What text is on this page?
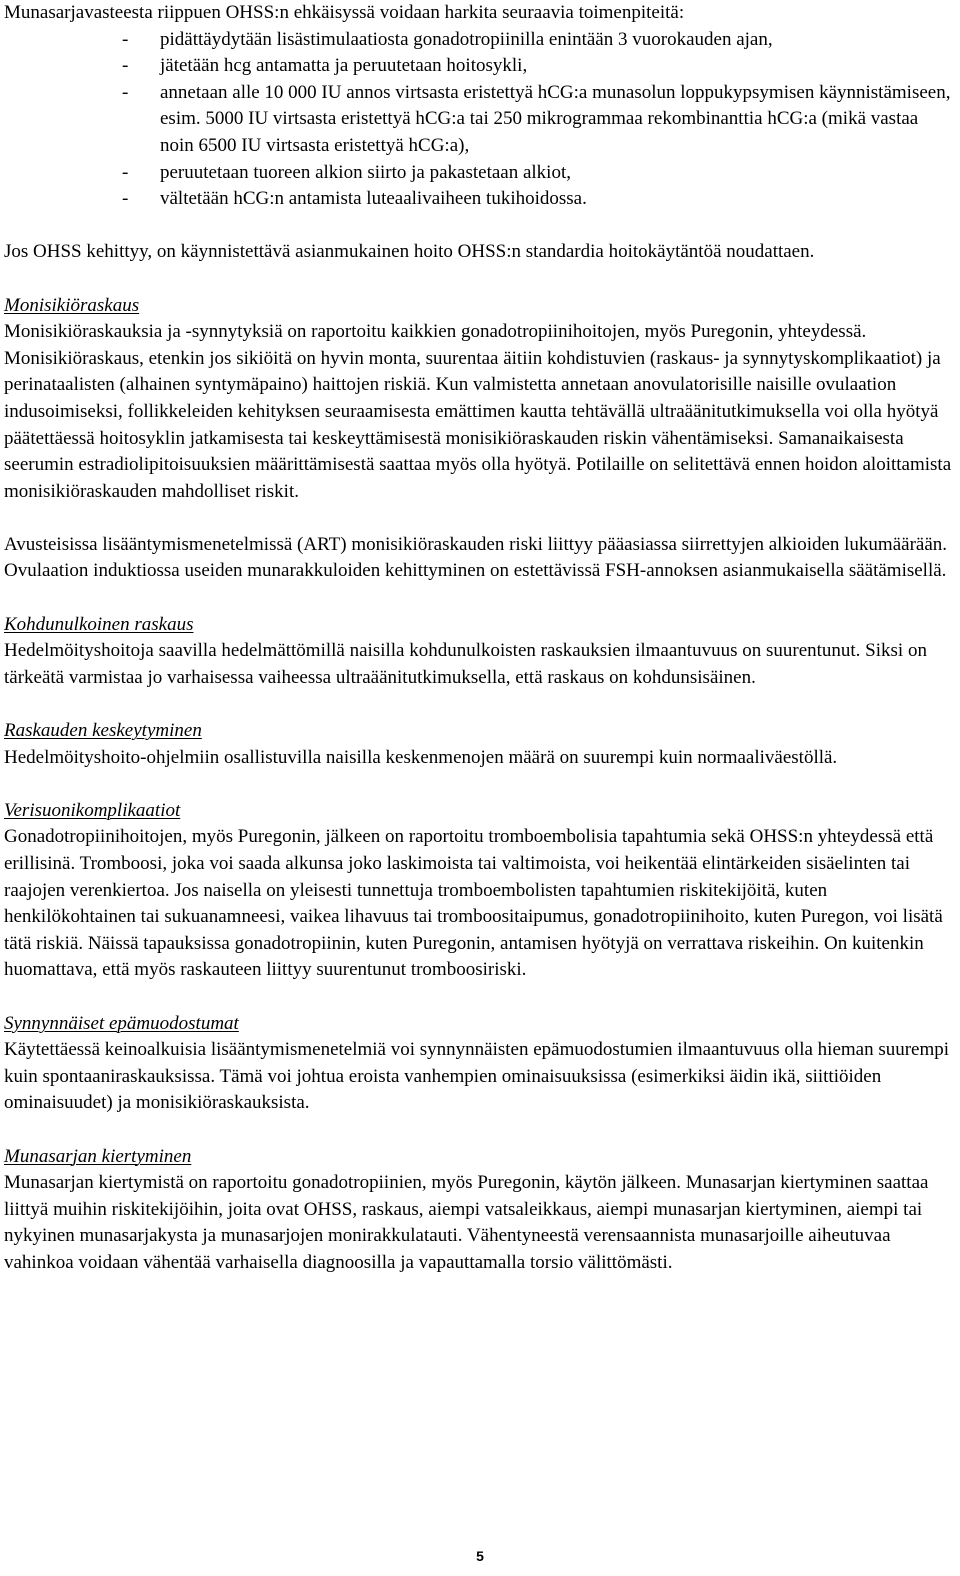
Munasarjavasteesta riippuen OHSS:n ehkäisyssä voidaan harkita seuraavia toimenpiteitä:

- pidättäydytään lisästimulaatiosta gonadotropiinilla enintään 3 vuorokauden ajan,
- jätetään hcg antamatta ja peruutetaan hoitosykli,
- annetaan alle 10 000 IU annos virtsasta eristettyä hCG:a munasolun loppukypsymisen käynnistämiseen, esim. 5000 IU virtsasta eristettyä hCG:a tai 250 mikrogrammaa rekombinanttia hCG:a (mikä vastaa noin 6500 IU virtsasta eristettyä hCG:a),
- peruutetaan tuoreen alkion siirto ja pakastetaan alkiot,
- vältetään hCG:n antamista luteaalivaiheen tukihoidossa.

Jos OHSS kehittyy, on käynnistettävä asianmukainen hoito OHSS:n standardia hoitokäytäntöä noudattaen.

Monisikiöraskaus

Monisikiöraskauksia ja -synnytyksiä on raportoitu kaikkien gonadotropiinihoitojen, myös Puregonin, yhteydessä. Monisikiöraskaus, etenkin jos sikiöitä on hyvin monta, suurentaa äitiin kohdistuvien (raskaus- ja synnytyskomplikaatiot) ja perinataalisten (alhainen syntymäpaino) haittojen riskiä. Kun valmistetta annetaan anovulatorisille naisille ovulaation indusoimiseksi, follikkeleiden kehityksen seuraamisesta emättimen kautta tehtävällä ultraäänitutkimuksella voi olla hyötyä päätettäessä hoitosyklin jatkamisesta tai keskeyttämisestä monisikiöraskauden riskin vähentämiseksi. Samanaikaisesta seerumin estradiolipitoisuuksien määrittämisestä saattaa myös olla hyötyä. Potilaille on selitettävä ennen hoidon aloittamista monisikiöraskauden mahdolliset riskit.

Avusteisissa lisääntymismenetelmissä (ART) monisikiöraskauden riski liittyy pääasiassa siirrettyjen alkioiden lukumäärään. Ovulaation induktiossa useiden munarakkuloiden kehittyminen on estettävissä FSH-annoksen asianmukaisella säätämisellä.

Kohdunulkoinen raskaus

Hedelmöityshoitoja saavilla hedelmättömillä naisilla kohdunulkoisten raskauksien ilmaantuvuus on suurentunut. Siksi on tärkeätä varmistaa jo varhaisessa vaiheessa ultraäänitutkimuksella, että raskaus on kohdunsisäinen.

Raskauden keskeytyminen

Hedelmöityshoito-ohjelmiin osallistuvilla naisilla keskenmenojen määrä on suurempi kuin normaaliväestöllä.

Verisuonikomplikaatiot

Gonadotropiinihoitojen, myös Puregonin, jälkeen on raportoitu tromboembolisia tapahtumia sekä OHSS:n yhteydessä että erillisinä. Tromboosi, joka voi saada alkunsa joko laskimoista tai valtimoista, voi heikentää elintärkeiden sisäelinten tai raajojen verenkiertoa. Jos naisella on yleisesti tunnettuja tromboembolisten tapahtumien riskitekijöitä, kuten henkilökohtainen tai sukuanamneesi, vaikea lihavuus tai tromboositaipumus, gonadotropiinihoito, kuten Puregon, voi lisätä tätä riskiä. Näissä tapauksissa gonadotropiinin, kuten Puregonin, antamisen hyötyjä on verrattava riskeihin. On kuitenkin huomattava, että myös raskauteen liittyy suurentunut tromboosiriski.

Synnynnäiset epämuodostumat

Käytettäessä keinoalkuisia lisääntymismenetelmiä voi synnynnäisten epämuodostumien ilmaantuvuus olla hieman suurempi kuin spontaaniraskauksissa. Tämä voi johtua eroista vanhempien ominaisuuksissa (esimerkiksi äidin ikä, siittiöiden ominaisuudet) ja monisikiöraskauksista.

Munasarjan kiertyminen

Munasarjan kiertymistä on raportoitu gonadotropiinien, myös Puregonin, käytön jälkeen. Munasarjan kiertyminen saattaa liittyä muihin riskitekijöihin, joita ovat OHSS, raskaus, aiempi vatsaleikkaus, aiempi munasarjan kiertyminen, aiempi tai nykyinen munasarjakysta ja munasarjojen monirakkulatauti. Vähentyneestä verensaannista munasarjoille aiheutuvaa vahinkoa voidaan vähentää varhaisella diagnoosilla ja vapauttamalla torsio välittömästi.

5
